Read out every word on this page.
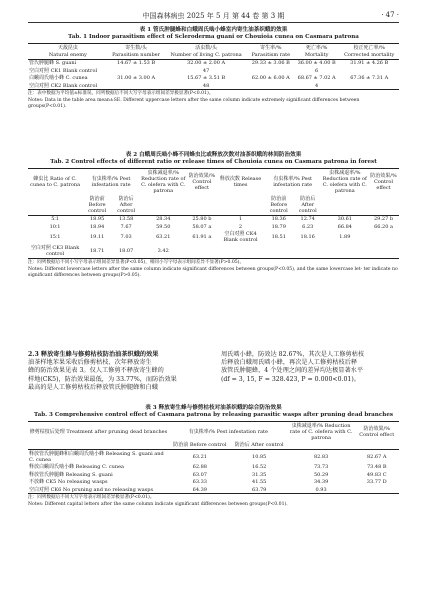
中国森林病虫 2025 年 5 月 第 44 卷 第 3 期	· 47 ·
表 1 管氏肿腿蜂和白蛾周氏啮小蜂室内寄生油茶织蛾的效果
Tab. 1 Indoor parasitism effect of Scleroderma guani or Chouioia cunea on Casmara patrona
天敌昆虫	寄生数/头	活虫数/头	寄生率/%	死亡率/%	校正死亡率/%
Natural enemy	Parasitism number	Number of living C. patrona	Parasitism rate	Mortality	Corrected mortality
管氏肿腿蜂 S. guani	14.67 ± 1.53 B	32.00 ± 2.00 A	29.33 ± 3.06 B	36.00 ± 4.00 B	31.91 ± 4.26 B
空白对照 CK1 Blank control		47		6	
白蛾周氏啮小蜂 C. cunea	31.00 ± 3.00 A	15.67 ± 3.51 B	62.00 ± 6.00 A	68.67 ± 7.02 A	67.36 ± 7.31 A
空白对照 CK2 Blank control		48		4	
注：表中数据为平均值±标准误。同列数据后不同大写字母表示组间差异极显著(P<0.01)。
Notes: Data in the table area mean±SE. Different uppercase letters after the same column indicate extremely significant differences between groups(P<0.01).
表 2 白蛾周氏啮小蜂不同蜂虫比或释放次数对油茶织蛾的林间防治效果
Tab. 2 Control effects of different ratio or release times of Chouioia cunea on Casmara patrona in forest
蜂虫比 Ratio of C. cunea to C. patrona	有虫株率/% Pest infestation rate		虫株减退率/% Reduction rate of C. olefera with C. patrona	防治效果/% Control effect	释放次数 Release times	有虫株率/% Pest infestation rate		虫株减退率/% Reduction rate of C. olefera with C. patrona	防治效果/% Control effect
	防治前 Before control	防治后 After control				防治前 Before control	防治后 After control		
5∶1	18.95	13.58	28.34	25.80 b	1	18.36	12.74	30.61	29.27 b
10∶1	18.94	7.67	59.50	58.07 a	2	18.79	6.23	66.84	66.20 a
15∶1	19.11	7.03	63.21	61.91 a	空白对照 CK4 Blank control	18.51	18.16	1.89	
空白对照 CK3 Blank control	18.71	18.07	3.42						
注：同列数据后不同小写字母表示组间差异显著(P<0.05)，相同小写字母表示组间差异不显著(P>0.05)。
Notes: Different lowercase letters after the same column indicate significant differences between groups(P<0.05), and the same lowercase let- ter indicate no significant differences between groups(P>0.05).
2.3 释放寄生蜂与修剪枯枝防治油茶织蛾的效果
油茶样地苯果采收后修剪枯枝、次年释放寄生
蜂的防治效果见表 3。仅人工修剪不释放寄生蜂的
样地(CK5)，防治效果最低，为 33.77%，而防治效果
最高的是人工修剪枯枝后释放管氏肿腿蜂和白蛾
周氏啮小蜂，防效达 82.67%，其次是人工修剪枯枝
后释放白蛾周氏啮小蜂，再次是人工修剪枯枝后释
放管氏肿腿蜂，4 个处理之间的差异均达极显著水平
(df = 3, 15, F = 328.423, P = 0.000<0.01)。
表 3 释放寄生蜂与修剪枯枝对油茶织蛾的综合防治效果
Tab. 3 Comprehensive control effect of Casmara patrona by releasing parasitic wasps after pruning dead branches
修剪枯枝后处理 Treatment after pruning dead branches	有虫株率/% Pest infestation rate		虫株减退率/% Reduction rate of C. olefera with C. patrona	防治效果/% Control effect
	防治前 Before control	防治后 After control		
释放管氏肿腿蜂和白蛾周氏啮小蜂 Releasing S. guani and C. cunea	63.21	10.85	82.83	82.67 A
释放白蛾周氏啮小蜂 Releasing C. cunea	62.88	16.52	73.73	73.48 B
释放管氏肿腿蜂 Releasing S. guani	63.07	31.35	50.29	49.83 C
不放蜂 CK5 No releasing wasps	63.33	41.55	34.39	33.77 D
空白对照 CK6 No pruning and no releasing wasps	64.39	63.79	0.93	
注：同列数据后不同大写字母表示组间差异极显著(P<0.01)。
Notes: Different capital letters after the same column indicate significant differences between groups(P<0.01).
